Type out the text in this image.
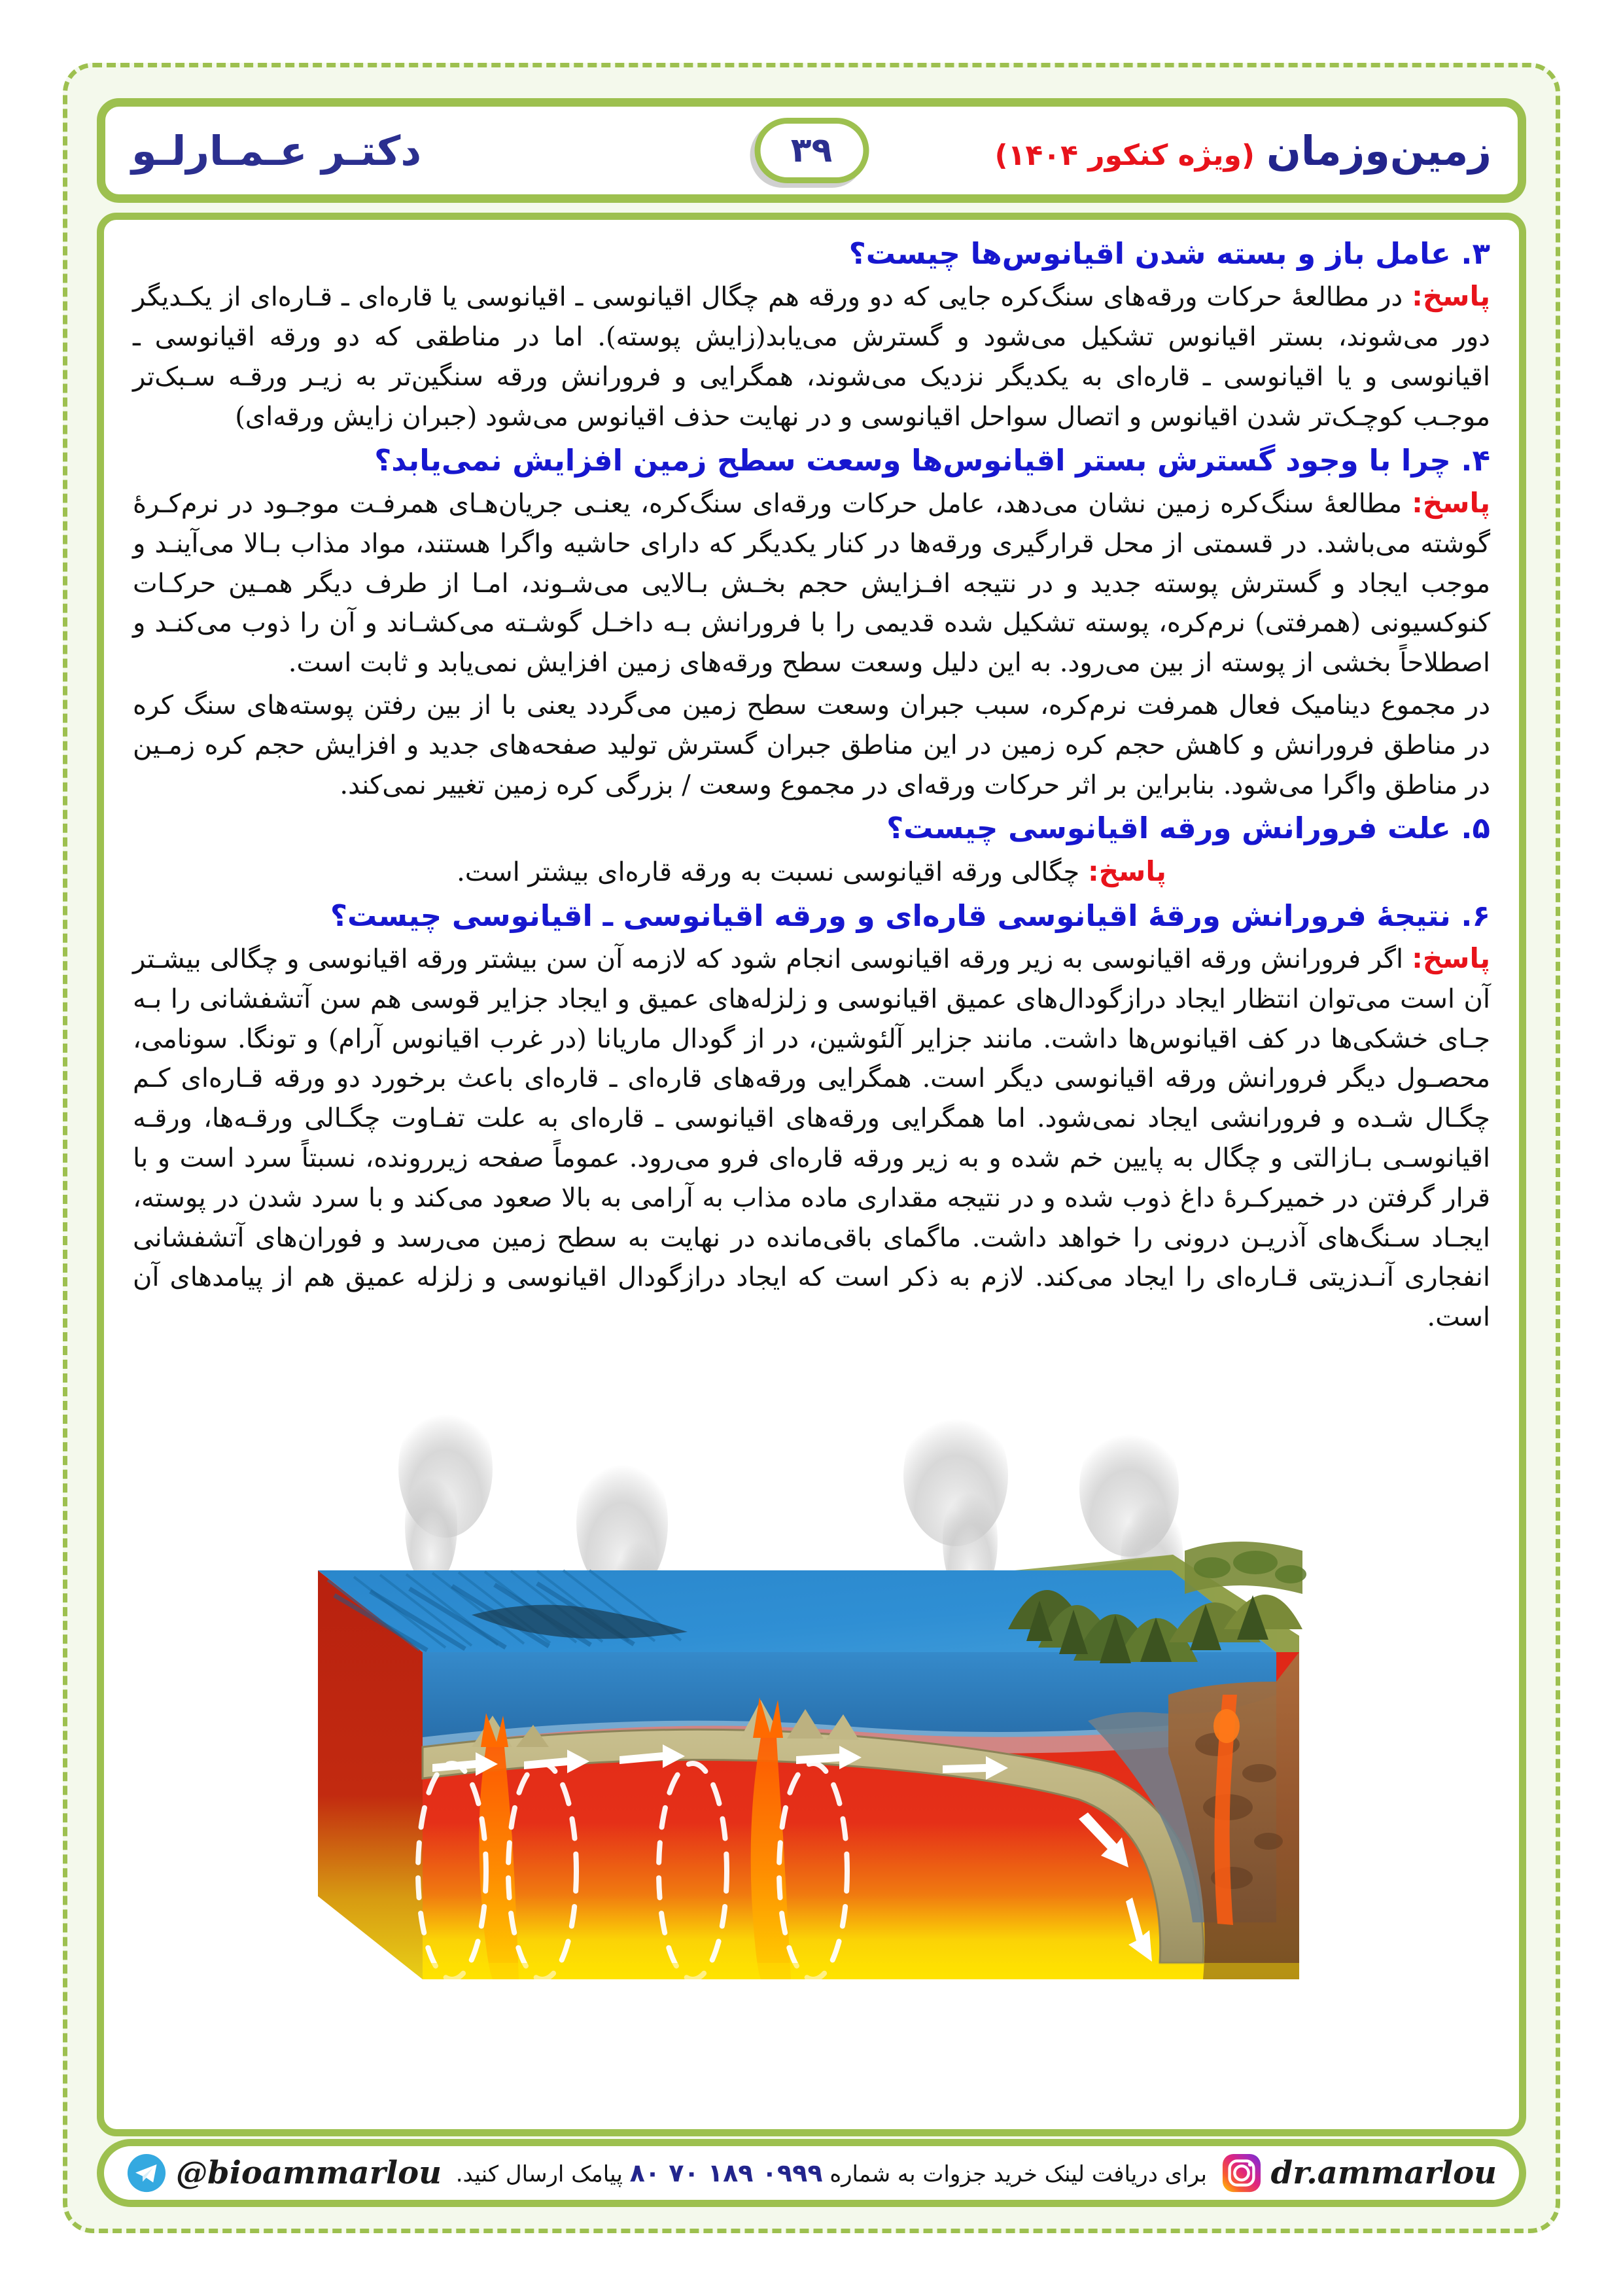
زمین‌وزمان
(ویژه کنکور ۱۴۰۴)
۳۹
دکتـر عـمـارلـو
۳. عامل باز و بسته شدن اقیانوس‌ها چیست؟

پاسخ: در مطالعۀ حرکات ورقه‌های سنگ‌کره جایی که دو ورقه هم چگال اقیانوسی ـ اقیانوسی یا قاره‌ای ـ قـاره‌ای از یکـدیگر دور می‌شوند، بستر اقیانوس تشکیل می‌شود و گسترش می‌یابد(زایش پوسته). اما در مناطقی که دو ورقه اقیانوسی ـ اقیانوسی و یا اقیانوسی ـ قاره‌ای به یکدیگر نزدیک می‌شوند، همگرایی و فرورانش ورقه سنگین‌تر به زیـر ورقـه سـبک‌تر موجـب کوچـک‌تر شدن اقیانوس و اتصال سواحل اقیانوسی و در نهایت حذف اقیانوس می‌شود (جبران زایش ورقه‌ای)

۴. چرا با وجود گسترش بستر اقیانوس‌ها وسعت سطح زمین افزایش نمی‌یابد؟

پاسخ: مطالعۀ سنگ‌کره زمین نشان می‌دهد، عامل حرکات ورقه‌ای سنگ‌کره، یعنـی جریان‌هـای همرفـت موجـود در نرم‌کـرۀ گوشته می‌باشد. در قسمتی از محل قرارگیری ورقه‌ها در کنار یکدیگر که دارای حاشیه واگرا هستند، مواد مذاب بـالا می‌آینـد و موجب ایجاد و گسترش پوسته جدید و در نتیجه افـزایش حجم بخـش بـالایی می‌شـوند، امـا از طرف دیگر همـین حرکـات کنوکسیونی (همرفتی) نرم‌کره، پوسته تشکیل شده قدیمی را با فرورانش بـه داخـل گوشـته می‌کشـاند و آن را ذوب می‌کنـد و اصطلاحاً بخشی از پوسته از بین می‌رود. به این دلیل وسعت سطح ورقه‌های زمین افزایش نمی‌یابد و ثابت است.

در مجموع دینامیک فعال همرفت نرم‌کره، سبب جبران وسعت سطح زمین می‌گردد یعنی با از بین رفتن پوسته‌های سنگ‌ کره در مناطق فرورانش و کاهش حجم کره زمین در این مناطق جبران گسترش تولید صفحه‌های جدید و افزایش حجم کره زمـین در مناطق واگرا می‌شود. بنابراین بر اثر حرکات ورقه‌ای در مجموع وسعت / بزرگی کره زمین تغییر نمی‌کند.

۵. علت فرورانش ورقه اقیانوسی چیست؟

پاسخ: چگالی ورقه اقیانوسی نسبت به ورقه قاره‌ای بیشتر است.

۶. نتیجۀ فرورانش ورقۀ اقیانوسی قاره‌ای و ورقه اقیانوسی ـ اقیانوسی چیست؟

پاسخ: اگر فرورانش ورقه اقیانوسی به زیر ورقه اقیانوسی انجام شود که لازمه آن سن بیشتر ورقه اقیانوسی و چگالی بیشـتر آن است می‌توان انتظار ایجاد درازگودال‌های عمیق اقیانوسی و زلزله‌های عمیق و ایجاد جزایر قوسی هم سن آتشفشانی را بـه جـای خشکی‌ها در کف اقیانوس‌ها داشت. مانند جزایر آلئوشین، در از گودال ماریانا (در غرب اقیانوس آرام) و تونگا. سونامی، محصـول دیگر فرورانش ورقه اقیانوسی دیگر است. همگرایی ورقه‌های قاره‌ای ـ قاره‌ای باعث برخورد دو ورقه قـاره‌ای کـم چگـال شـده و فرورانشی ایجاد نمی‌شود. اما همگرایی ورقه‌های اقیانوسی ـ قاره‌ای به علت تفـاوت چگـالی ورقـه‌ها، ورقـه اقیانوسـی بـازالتی و چگال به پایین خم شده و به زیر ورقه قاره‌ای فرو می‌رود. عموماً صفحه زیررونده، نسبتاً سرد است و با قرار گرفتن در خمیرکـرۀ داغ ذوب شده و در نتیجه مقداری ماده مذاب به آرامی به بالا صعود می‌کند و با سرد شدن در پوسته، ایجـاد سـنگ‌های آذریـن درونی را خواهد داشت. ماگمای باقی‌مانده در نهایت به سطح زمین می‌رسد و فوران‌های آتشفشانی انفجاری آنـدزیتی قـاره‌ای را ایجاد می‌کند. لازم به ذکر است که ایجاد درازگودال اقیانوسی و زلزله عمیق هم از پیامدهای آن است.

dr.ammarlou
برای دریافت لینک خرید جزوات به شماره ۰۹۹۹ ۱۸۹ ۷۰ ۸۰ پیامک ارسال کنید.
@bioammarlou
